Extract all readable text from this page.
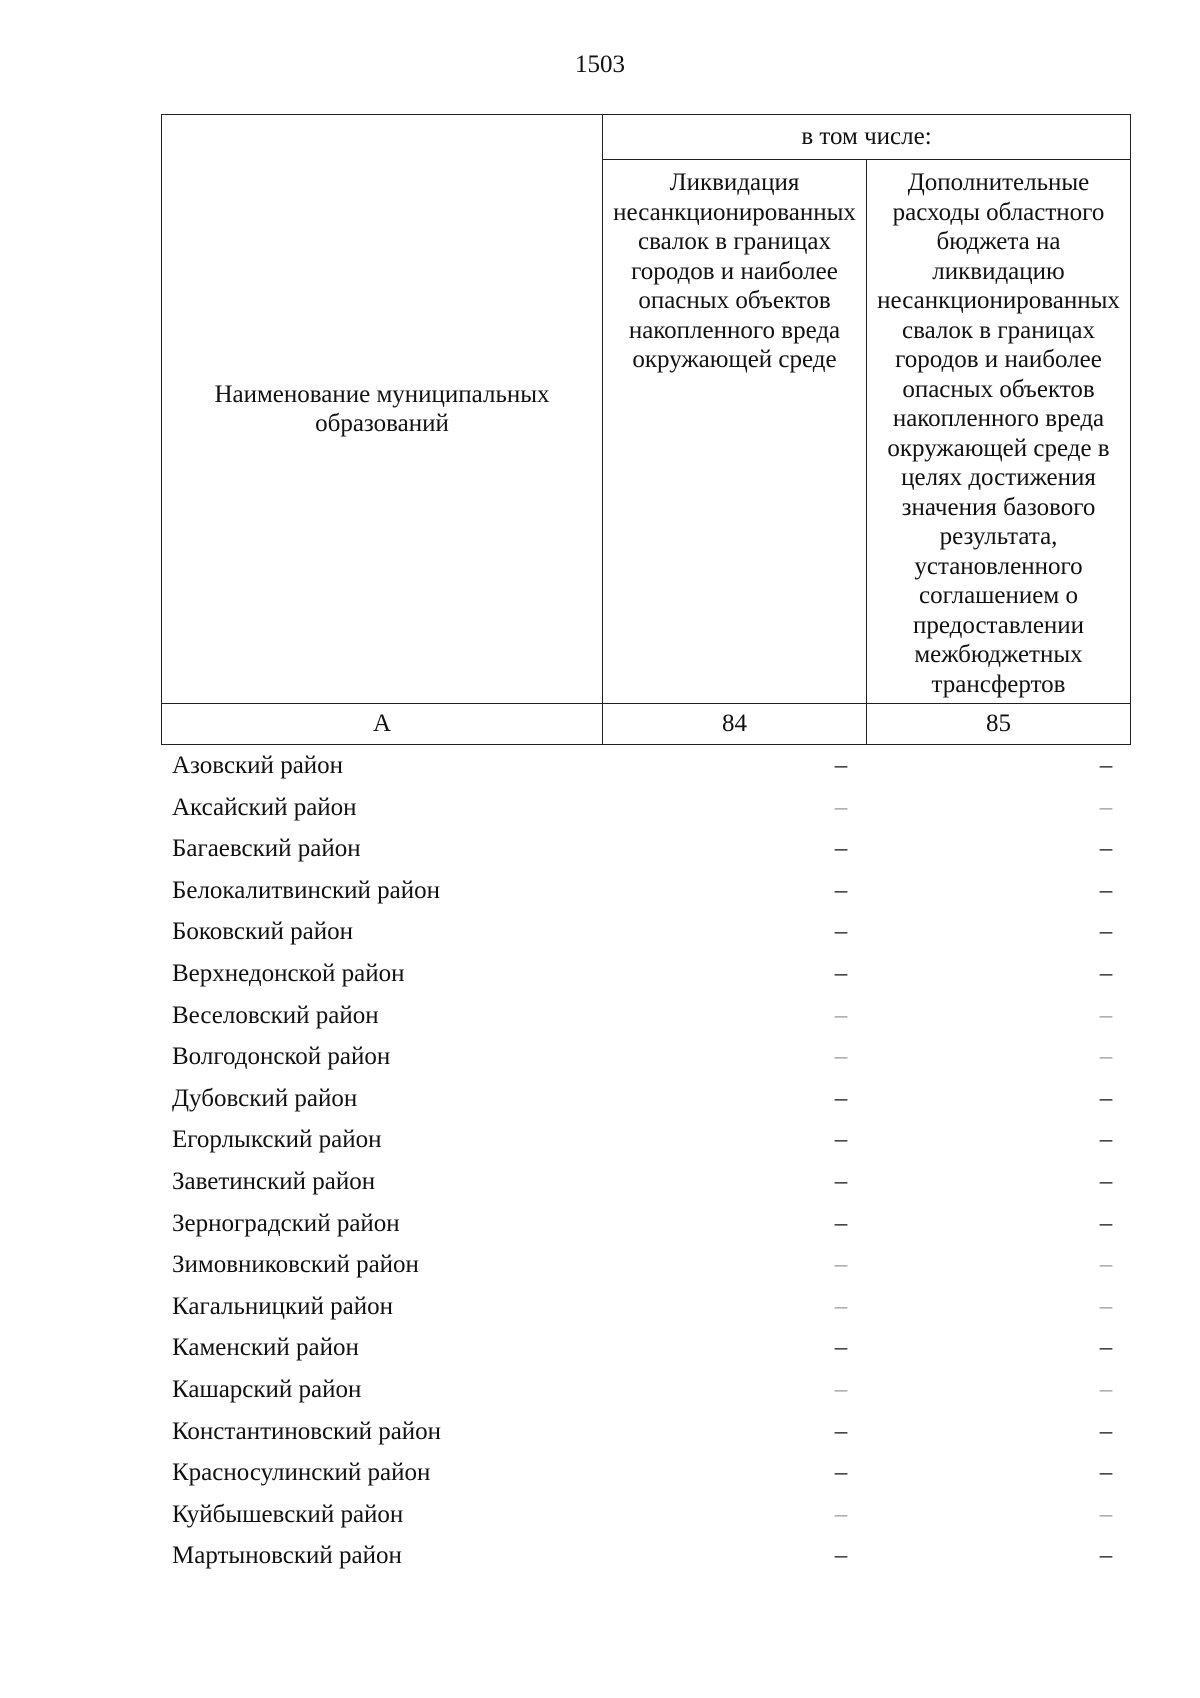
1503
Наименование муниципальных образований	в том числе:	
	Ликвидация несанкционированных свалок в границах городов и наиболее опасных объектов накопленного вреда окружающей среде	Дополнительные расходы областного бюджета на ликвидацию несанкционированных свалок в границах городов и наиболее опасных объектов накопленного вреда окружающей среде в целях достижения значения базового результата, установленного соглашением о предоставлении межбюджетных трансфертов
А	84	85
Азовский район	–	–
Аксайский район	–	–
Багаевский район	–	–
Белокалитвинский район	–	–
Боковский район	–	–
Верхнедонской район	–	–
Веселовский район	–	–
Волгодонской район	–	–
Дубовский район	–	–
Егорлыкский район	–	–
Заветинский район	–	–
Зерноградский район	–	–
Зимовниковский район	–	–
Кагальницкий район	–	–
Каменский район	–	–
Кашарский район	–	–
Константиновский район	–	–
Красносулинский район	–	–
Куйбышевский район	–	–
Мартыновский район	–	–
